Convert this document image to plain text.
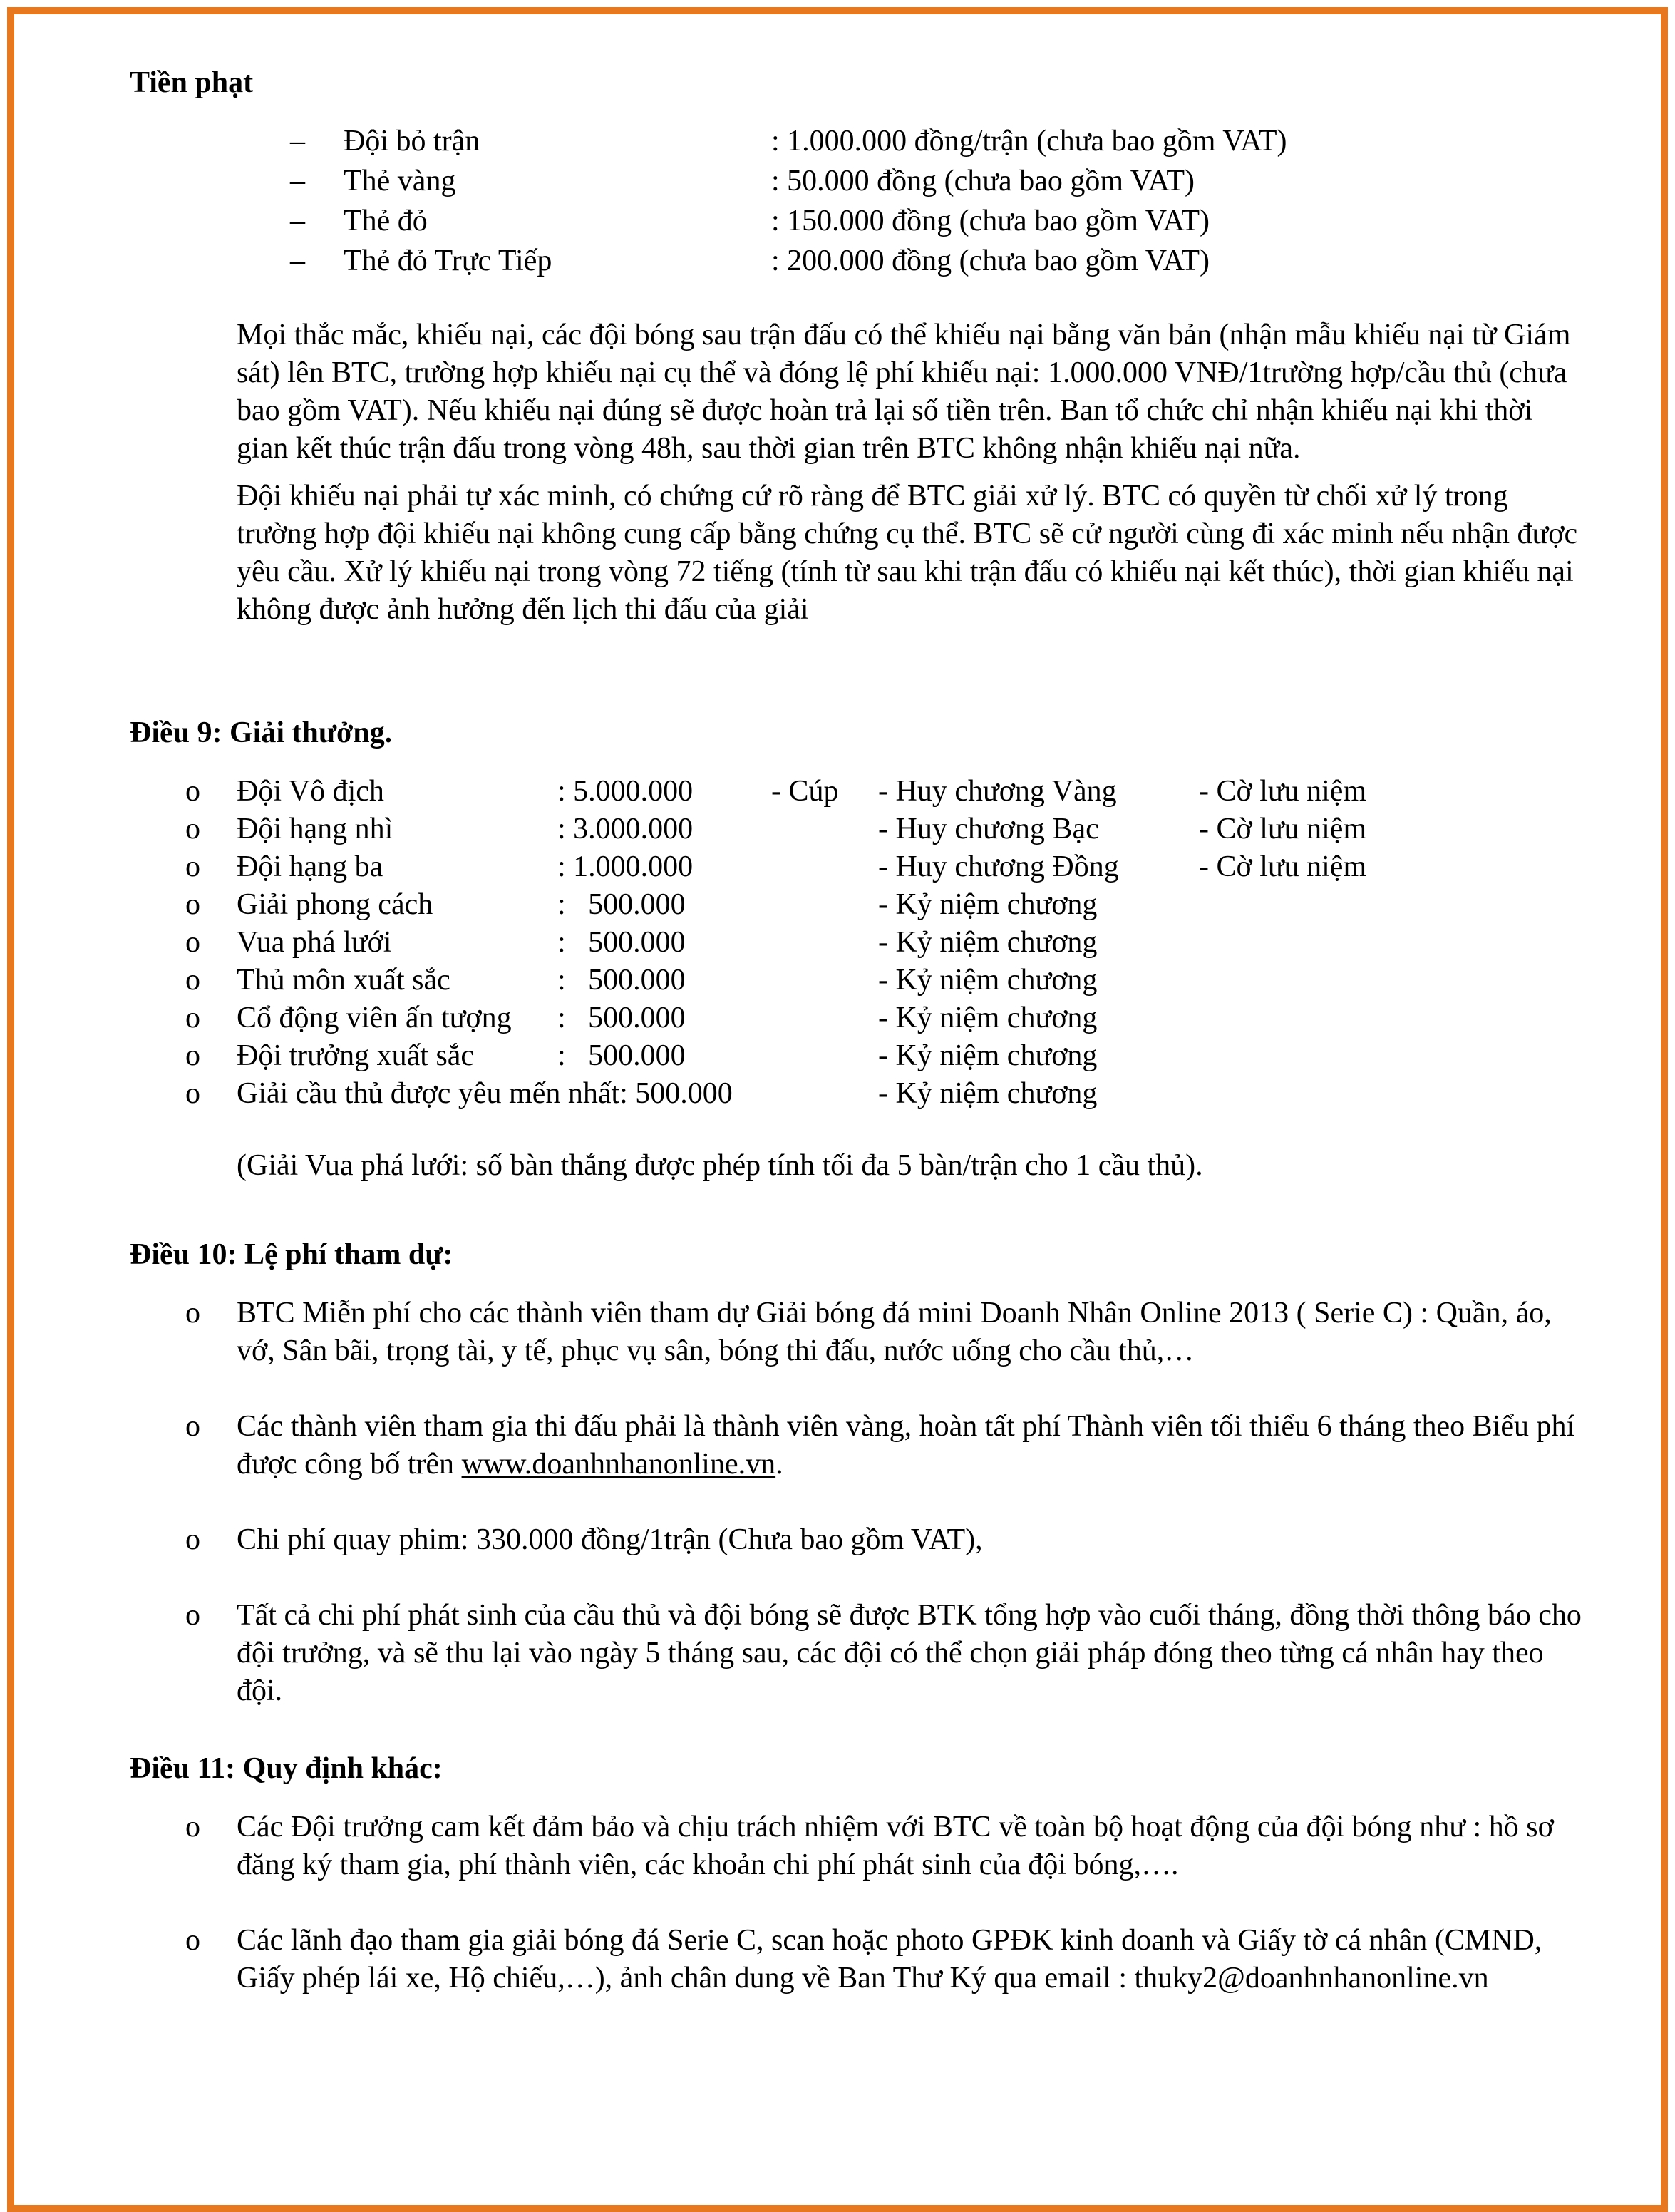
Tiền phạt

– Đội bỏ trận	: 1.000.000 đồng/trận (chưa bao gồm VAT)
– Thẻ vàng	: 50.000 đồng (chưa bao gồm VAT)
– Thẻ đỏ	: 150.000 đồng (chưa bao gồm VAT)
– Thẻ đỏ Trực Tiếp	: 200.000 đồng (chưa bao gồm VAT)

Mọi thắc mắc, khiếu nại, các đội bóng sau trận đấu có thể khiếu nại bằng văn bản (nhận mẫu khiếu nại từ Giám sát) lên BTC, trường hợp khiếu nại cụ thể và đóng lệ phí khiếu nại: 1.000.000 VNĐ/1trường hợp/cầu thủ (chưa bao gồm VAT). Nếu khiếu nại đúng sẽ được hoàn trả lại số tiền trên. Ban tổ chức chỉ nhận khiếu nại khi thời gian kết thúc trận đấu trong vòng 48h, sau thời gian trên BTC không nhận khiếu nại nữa.

Đội khiếu nại phải tự xác minh, có chứng cứ rõ ràng để BTC giải xử lý. BTC có quyền từ chối xử lý trong trường hợp đội khiếu nại không cung cấp bằng chứng cụ thể. BTC sẽ cử người cùng đi xác minh nếu nhận được yêu cầu. Xử lý khiếu nại trong vòng 72 tiếng (tính từ sau khi trận đấu có khiếu nại kết thúc), thời gian khiếu nại không được ảnh hưởng đến lịch thi đấu của giải

Điều 9: Giải thưởng.

o Đội Vô địch	: 5.000.000	- Cúp - Huy chương Vàng	- Cờ lưu niệm
o Đội hạng nhì	: 3.000.000	- Huy chương Bạc	- Cờ lưu niệm
o Đội hạng ba	: 1.000.000	- Huy chương Đồng	- Cờ lưu niệm
o Giải phong cách	:   500.000	- Kỷ niệm chương
o Vua phá lưới	:   500.000	- Kỷ niệm chương
o Thủ môn xuất sắc	:   500.000	- Kỷ niệm chương
o Cổ động viên ấn tượng :   500.000	- Kỷ niệm chương
o Đội trưởng xuất sắc	:   500.000	- Kỷ niệm chương
o Giải cầu thủ được yêu mến nhất: 500.000	- Kỷ niệm chương

(Giải Vua phá lưới: số bàn thắng được phép tính tối đa 5 bàn/trận cho 1 cầu thủ).

Điều 10: Lệ phí tham dự:

o BTC Miễn phí cho các thành viên tham dự Giải bóng đá mini Doanh Nhân Online 2013 ( Serie C) : Quần, áo, vớ, Sân bãi, trọng tài, y tế, phục vụ sân, bóng thi đấu, nước uống cho cầu thủ,…
o Các thành viên tham gia thi đấu phải là thành viên vàng, hoàn tất phí Thành viên tối thiểu 6 tháng theo Biểu phí được công bố trên www.doanhnhanonline.vn.
o Chi phí quay phim: 330.000 đồng/1trận (Chưa bao gồm VAT),
o Tất cả chi phí phát sinh của cầu thủ và đội bóng sẽ được BTK tổng hợp vào cuối tháng, đồng thời thông báo cho đội trưởng, và sẽ thu lại vào ngày 5 tháng sau, các đội có thể chọn giải pháp đóng theo từng cá nhân hay theo đội.

Điều 11: Quy định khác:

o Các Đội trưởng cam kết đảm bảo và chịu trách nhiệm với BTC về toàn bộ hoạt động của đội bóng như : hồ sơ đăng ký tham gia, phí thành viên, các khoản chi phí phát sinh của đội bóng,….
o Các lãnh đạo tham gia giải bóng đá Serie C, scan hoặc photo GPĐK kinh doanh và Giấy tờ cá nhân (CMND, Giấy phép lái xe, Hộ chiếu,…), ảnh chân dung về Ban Thư Ký qua email : thuky2@doanhnhanonline.vn
